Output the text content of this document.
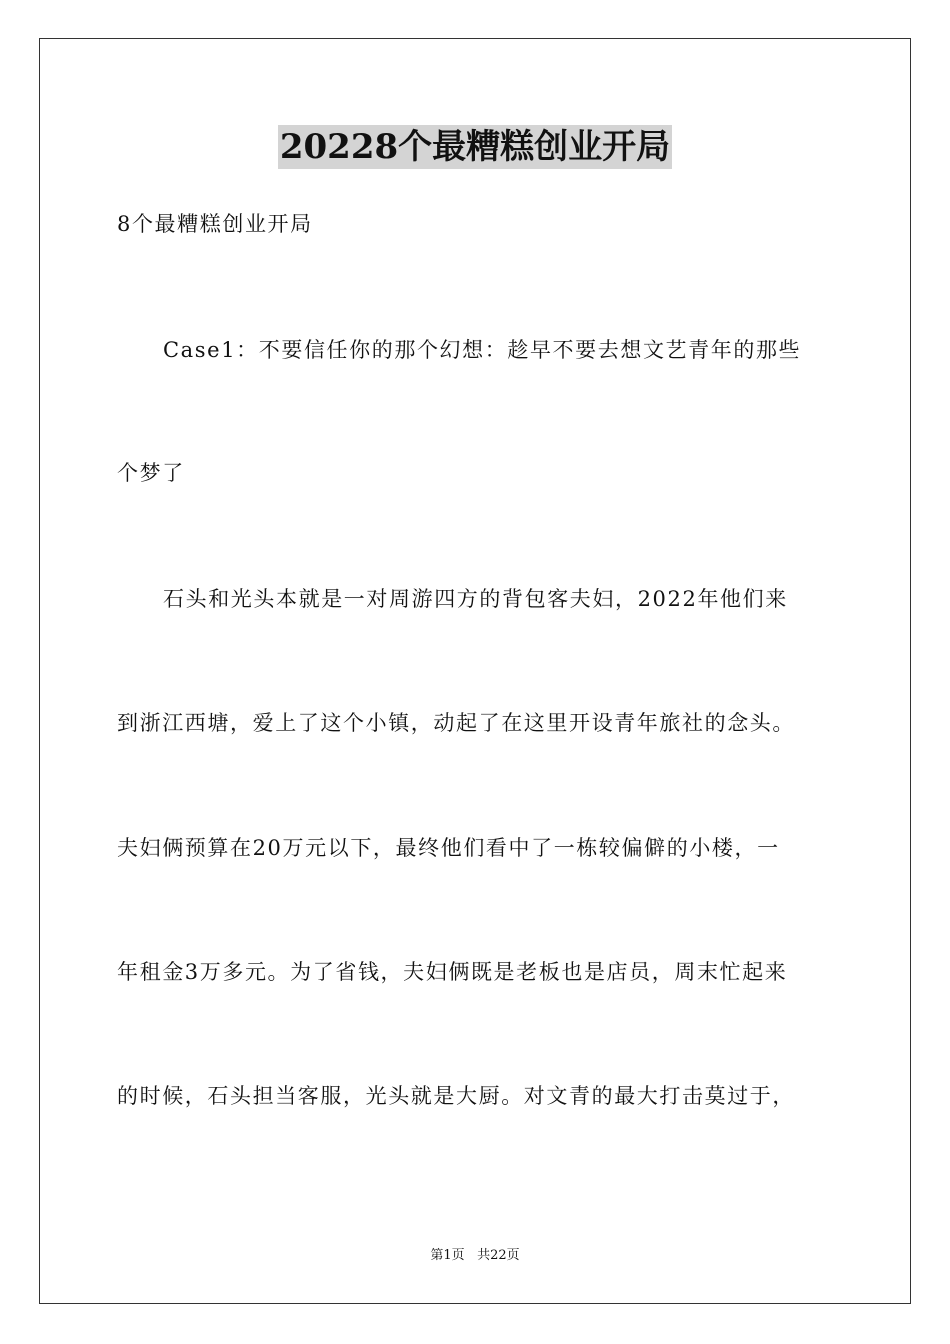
20228个最糟糕创业开局
8个最糟糕创业开局
Case1：不要信任你的那个幻想：趁早不要去想文艺青年的那些
个梦了
石头和光头本就是一对周游四方的背包客夫妇，2022年他们来
到浙江西塘，爱上了这个小镇，动起了在这里开设青年旅社的念头。
夫妇俩预算在20万元以下，最终他们看中了一栋较偏僻的小楼，一
年租金3万多元。为了省钱，夫妇俩既是老板也是店员，周末忙起来
的时候，石头担当客服，光头就是大厨。对文青的最大打击莫过于，
第1页 共22页
